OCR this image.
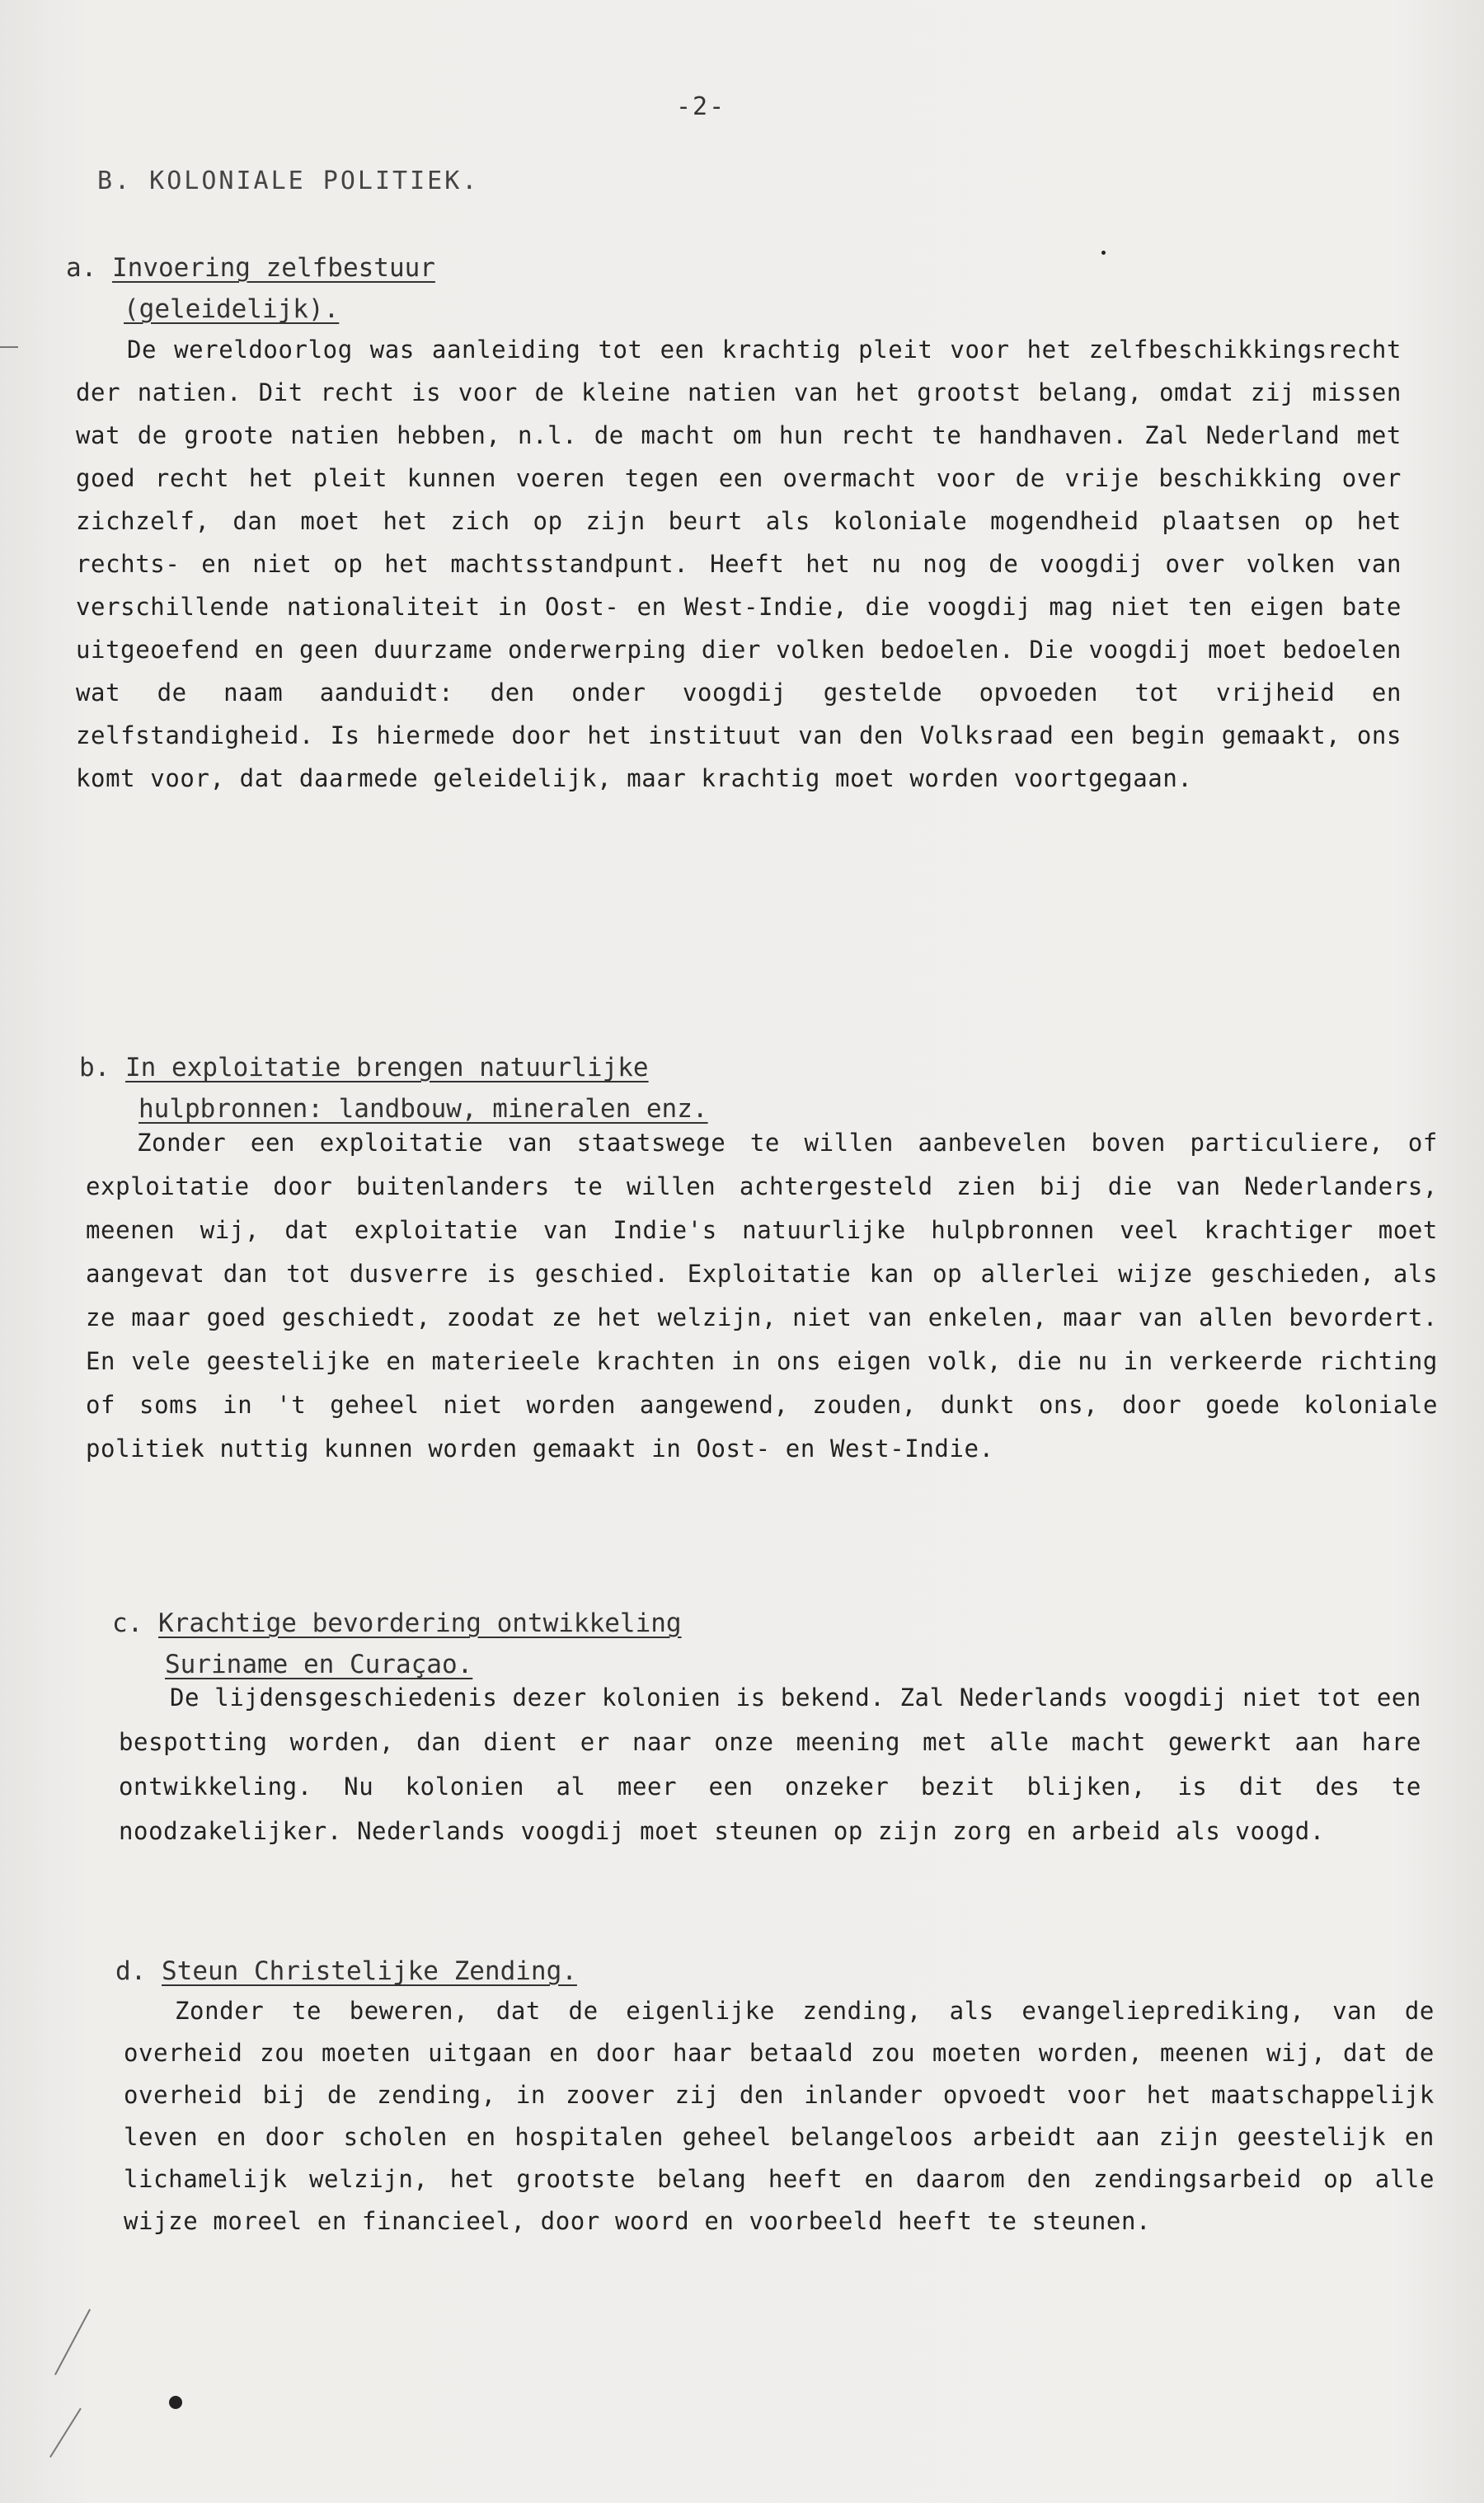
-2-
B. KOLONIALE POLITIEK.
a. Invoering zelfbestuur
(geleidelijk).

De wereldoorlog was aanleiding tot een krachtig pleit voor het zelfbeschikkingsrecht der natien. Dit recht is voor de kleine natien van het grootst belang, omdat zij missen wat de groote natien hebben, n.l. de macht om hun recht te handhaven. Zal Nederland met goed recht het pleit kunnen voeren tegen een overmacht voor de vrije beschikking over zichzelf, dan moet het zich op zijn beurt als koloniale mogendheid plaatsen op het rechts- en niet op het machtsstandpunt. Heeft het nu nog de voogdij over volken van verschillende nationaliteit in Oost- en West-Indie, die voogdij mag niet ten eigen bate uitgeoefend en geen duurzame onderwerping dier volken bedoelen. Die voogdij moet bedoelen wat de naam aanduidt: den onder voogdij gestelde opvoeden tot vrijheid en zelfstandigheid. Is hiermede door het instituut van den Volksraad een begin gemaakt, ons komt voor, dat daarmede geleidelijk, maar krachtig moet worden voortgegaan.

b. In exploitatie brengen natuurlijke
hulpbronnen: landbouw, mineralen enz.

Zonder een exploitatie van staatswege te willen aanbevelen boven particuliere, of exploitatie door buitenlanders te willen achtergesteld zien bij die van Nederlanders, meenen wij, dat exploitatie van Indie's natuurlijke hulpbronnen veel krachtiger moet aangevat dan tot dusverre is geschied. Exploitatie kan op allerlei wijze geschieden, als ze maar goed geschiedt, zoodat ze het welzijn, niet van enkelen, maar van allen bevordert. En vele geestelijke en materieele krachten in ons eigen volk, die nu in verkeerde richting of soms in 't geheel niet worden aangewend, zouden, dunkt ons, door goede koloniale politiek nuttig kunnen worden gemaakt in Oost- en West-Indie.

c. Krachtige bevordering ontwikkeling
Suriname en Curaçao.

De lijdensgeschiedenis dezer kolonien is bekend. Zal Nederlands voogdij niet tot een bespotting worden, dan dient er naar onze meening met alle macht gewerkt aan hare ontwikkeling. Nu kolonien al meer een onzeker bezit blijken, is dit des te noodzakelijker. Nederlands voogdij moet steunen op zijn zorg en arbeid als voogd.

d. Steun Christelijke Zending.

Zonder te beweren, dat de eigenlijke zending, als evangelieprediking, van de overheid zou moeten uitgaan en door haar betaald zou moeten worden, meenen wij, dat de overheid bij de zending, in zoover zij den inlander opvoedt voor het maatschappelijk leven en door scholen en hospitalen geheel belangeloos arbeidt aan zijn geestelijk en lichamelijk welzijn, het grootste belang heeft en daarom den zendingsarbeid op alle wijze moreel en financieel, door woord en voorbeeld heeft te steunen.
